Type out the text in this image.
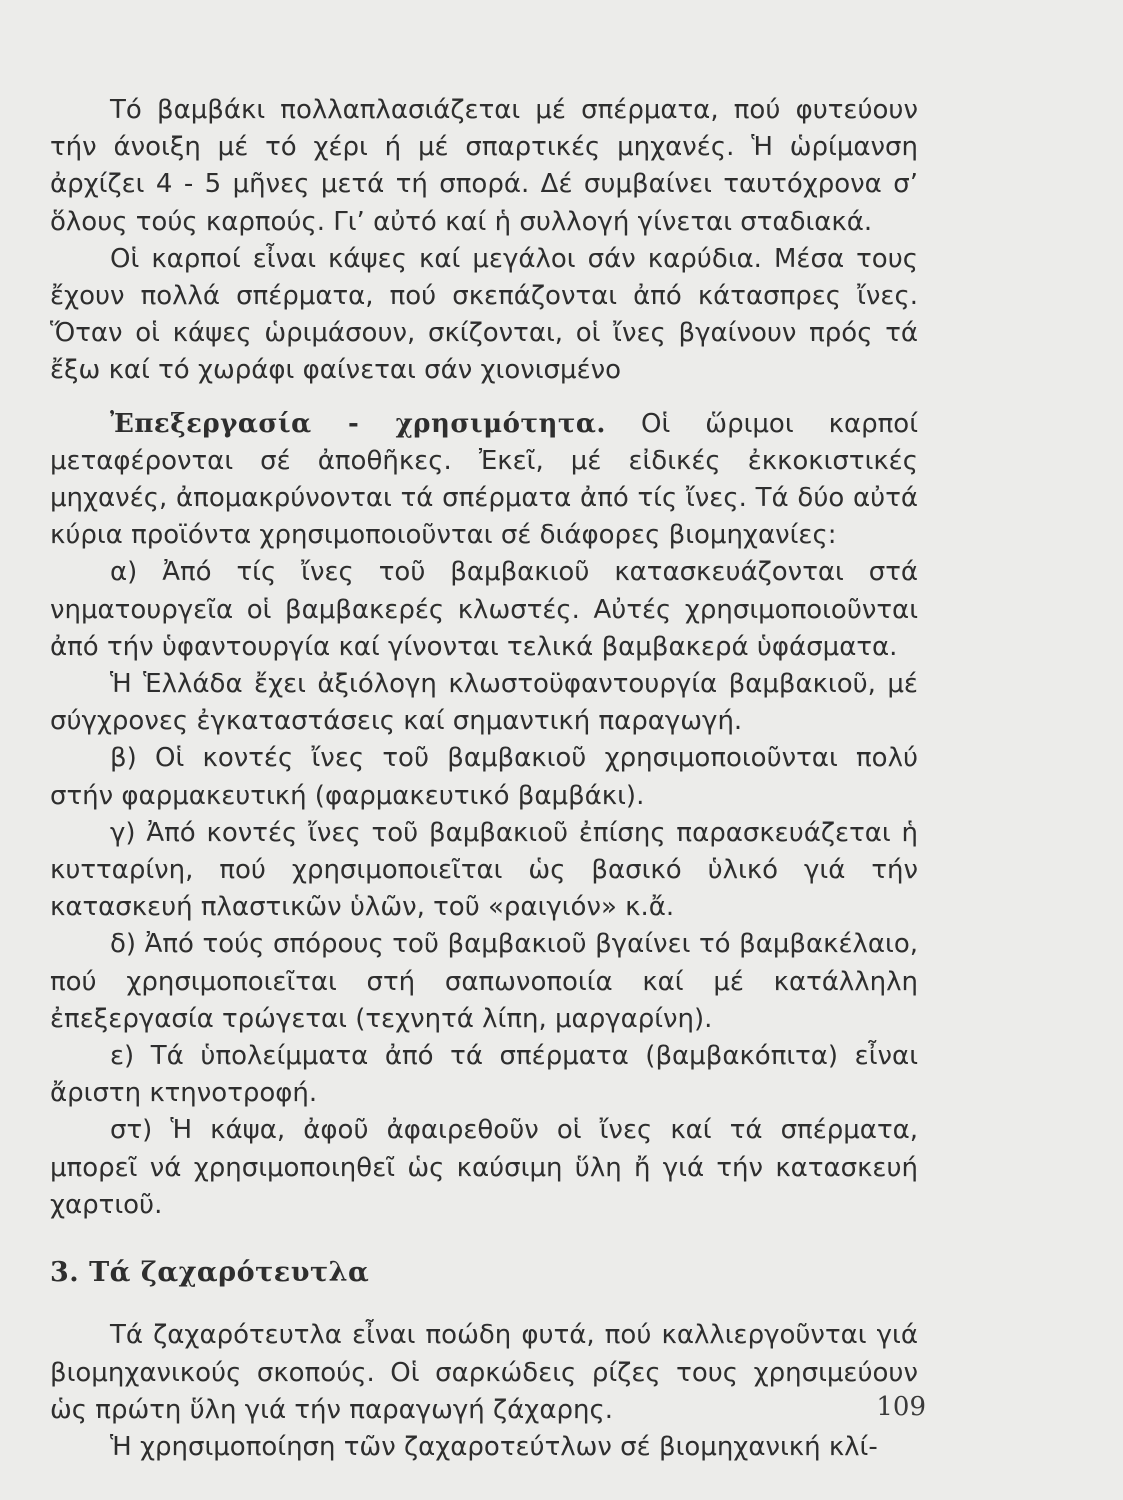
Τό βαμβάκι πολλαπλασιάζεται μέ σπέρματα, πού φυτεύουν τήν άνοιξη μέ τό χέρι ή μέ σπαρτικές μηχανές. Ἡ ὡρίμανση ἀρχίζει 4 - 5 μῆνες μετά τή σπορά. Δέ συμβαίνει ταυτόχρονα σ’ ὅλους τούς καρπούς. Γι’ αὐτό καί ἡ συλλογή γίνεται σταδιακά.

Οἱ καρποί εἶναι κάψες καί μεγάλοι σάν καρύδια. Μέσα τους ἔχουν πολλά σπέρματα, πού σκεπάζονται ἀπό κάτασπρες ἴνες. Ὅταν οἱ κάψες ὡριμάσουν, σκίζονται, οἱ ἴνες βγαίνουν πρός τά ἔξω καί τό χωράφι φαίνεται σάν χιονισμένο

Ἐπεξεργασία - χρησιμότητα. Οἱ ὥριμοι καρποί μεταφέρονται σέ ἀποθῆκες. Ἐκεῖ, μέ εἰδικές ἐκκοκιστικές μηχανές, ἀπομακρύνονται τά σπέρματα ἀπό τίς ἴνες. Τά δύο αὐτά κύρια προϊόντα χρησιμοποιοῦνται σέ διάφορες βιομηχανίες:

α) Ἀπό τίς ἴνες τοῦ βαμβακιοῦ κατασκευάζονται στά νηματουργεῖα οἱ βαμβακερές κλωστές. Αὐτές χρησιμοποιοῦνται ἀπό τήν ὑφαντουργία καί γίνονται τελικά βαμβακερά ὑφάσματα.

Ἡ Ἑλλάδα ἔχει ἀξιόλογη κλωστοϋφαντουργία βαμβακιοῦ, μέ σύγχρονες ἐγκαταστάσεις καί σημαντική παραγωγή.

β) Οἱ κοντές ἴνες τοῦ βαμβακιοῦ χρησιμοποιοῦνται πολύ στήν φαρμακευτική (φαρμακευτικό βαμβάκι).

γ) Ἀπό κοντές ἴνες τοῦ βαμβακιοῦ ἐπίσης παρασκευάζεται ἡ κυτταρίνη, πού χρησιμοποιεῖται ὡς βασικό ὑλικό γιά τήν κατασκευή πλαστικῶν ὑλῶν, τοῦ «ραιγιόν» κ.ἄ.

δ) Ἀπό τούς σπόρους τοῦ βαμβακιοῦ βγαίνει τό βαμβακέλαιο, πού χρησιμοποιεῖται στή σαπωνοποιία καί μέ κατάλληλη ἐπεξεργασία τρώγεται (τεχνητά λίπη, μαργαρίνη).

ε) Τά ὑπολείμματα ἀπό τά σπέρματα (βαμβακόπιτα) εἶναι ἄριστη κτηνοτροφή.

στ) Ἡ κάψα, ἀφοῦ ἀφαιρεθοῦν οἱ ἴνες καί τά σπέρματα, μπορεῖ νά χρησιμοποιηθεῖ ὡς καύσιμη ὕλη ἤ γιά τήν κατασκευή χαρτιοῦ.

3. Τά ζαχαρότευτλα

Τά ζαχαρότευτλα εἶναι ποώδη φυτά, πού καλλιεργοῦνται γιά βιομηχανικούς σκοπούς. Οἱ σαρκώδεις ρίζες τους χρησιμεύουν ὡς πρώτη ὕλη γιά τήν παραγωγή ζάχαρης.

Ἡ χρησιμοποίηση τῶν ζαχαροτεύτλων σέ βιομηχανική κλί-

109
